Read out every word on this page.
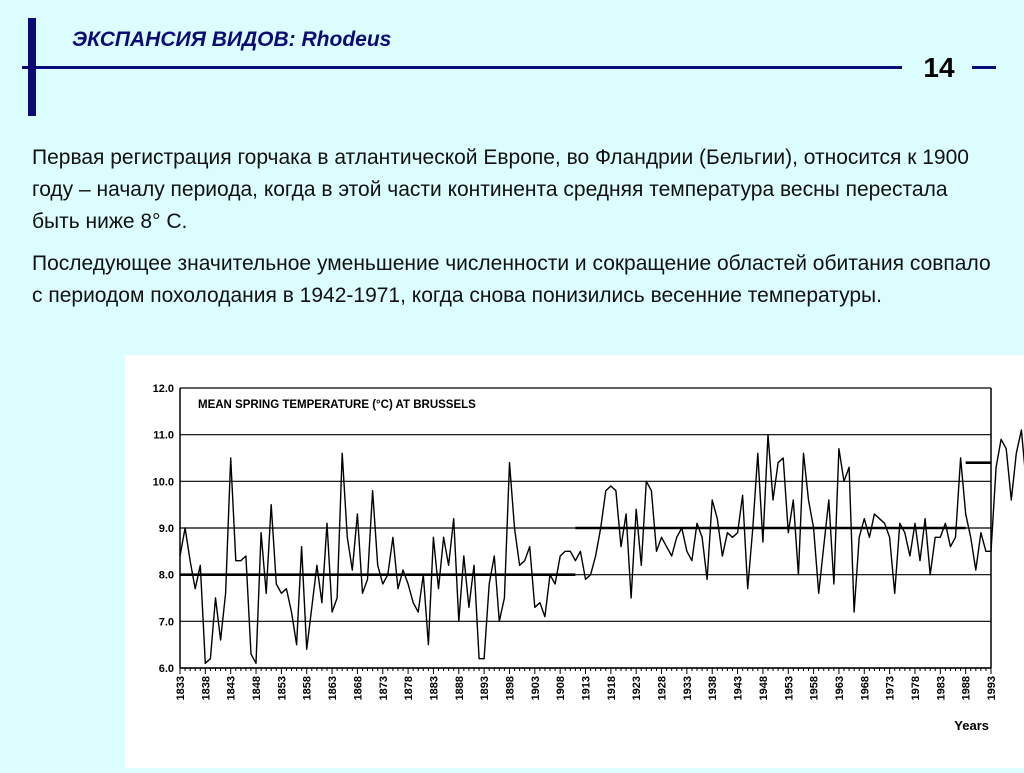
ЭКСПАНСИЯ ВИДОВ: Rhodeus
14

Первая регистрация горчака в атлантической Европе, во Фландрии (Бельгии), относится к 1900 году – началу периода, когда в этой части континента средняя температура весны перестала быть ниже 8° С.

Последующее значительное уменьшение численности и сокращение областей обитания совпало с периодом похолодания в 1942-1971, когда снова понизились весенние температуры.

6.0
7.0
8.0
9.0
10.0
11.0
12.0
1833 1838 1843 1848 1853 1858 1863 1868 1873 1878 1883 1888 1893 1898 1903 1908 1913 1918 1923 1928 1933 1938 1943 1948 1953 1958 1963 1968 1973 1978 1983 1988 1993
MEAN SPRING TEMPERATURE (°C) AT BRUSSELS
Years
